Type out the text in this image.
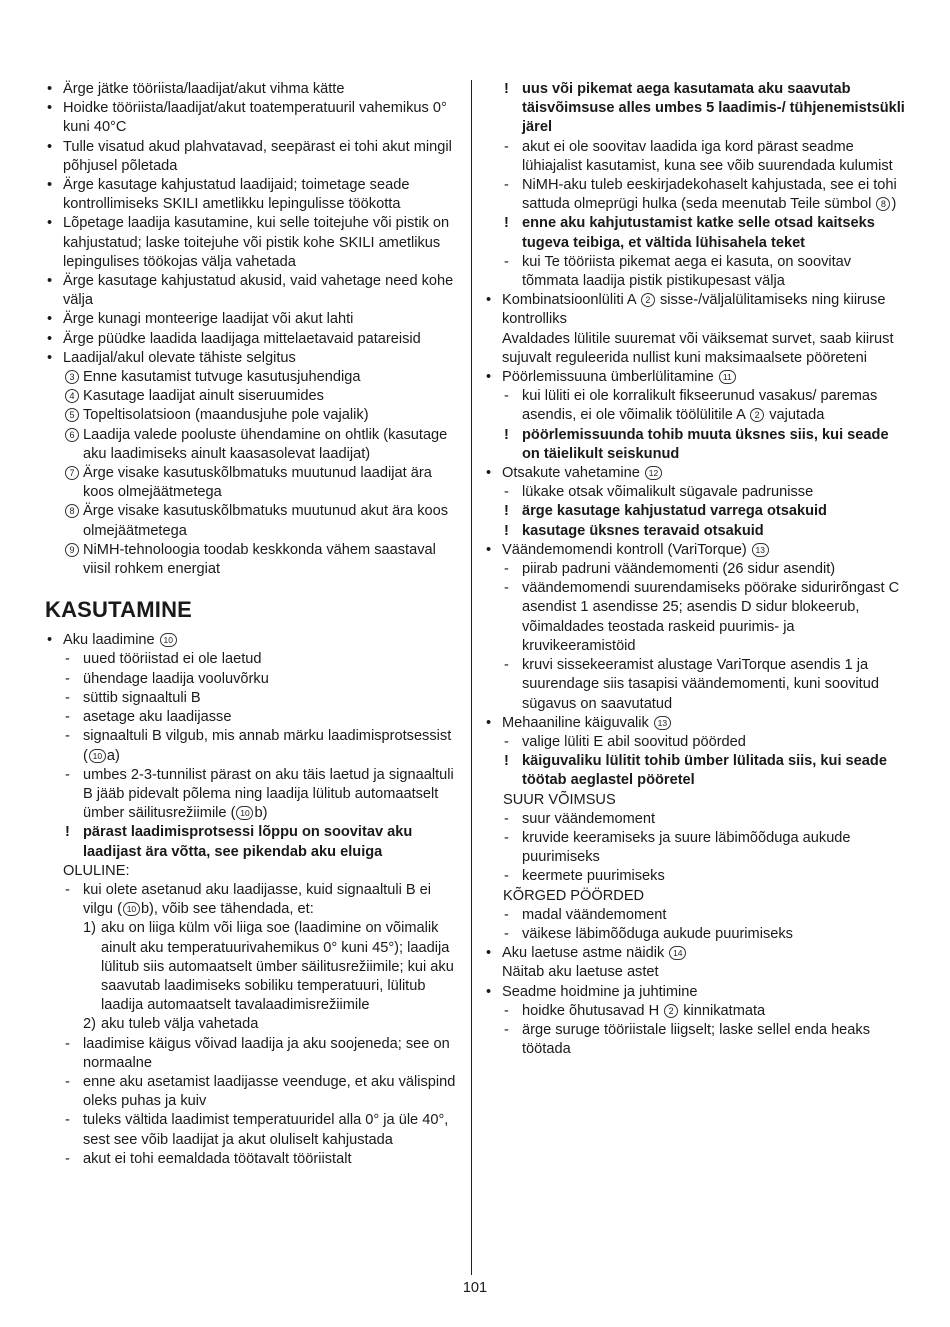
• Ärge jätke tööriista/laadijat/akut vihma kätte

• Hoidke tööriista/laadijat/akut toatemperatuuril vahemikus 0° kuni 40°C

• Tulle visatud akud plahvatavad, seepärast ei tohi akut mingil põhjusel põletada

• Ärge kasutage kahjustatud laadijaid; toimetage seade kontrollimiseks SKILI ametlikku lepingulisse töökotta

• Lõpetage laadija kasutamine, kui selle toitejuhe või pistik on kahjustatud; laske toitejuhe või pistik kohe SKILI ametlikus lepingulises töökojas välja vahetada

• Ärge kasutage kahjustatud akusid, vaid vahetage need kohe välja

• Ärge kunagi monteerige laadijat või akut lahti

• Ärge püüdke laadida laadijaga mittelaetavaid patareisid

• Laadijal/akul olevate tähiste selgitus

3 Enne kasutamist tutvuge kasutusjuhendiga

4 Kasutage laadijat ainult siseruumides

5 Topeltisolatsioon (maandusjuhe pole vajalik)

6 Laadija valede pooluste ühendamine on ohtlik (kasutage aku laadimiseks ainult kaasasolevat laadijat)

7 Ärge visake kasutuskõlbmatuks muutunud laadijat ära koos olmejäätmetega

8 Ärge visake kasutuskõlbmatuks muutunud akut ära koos olmejäätmetega

9 NiMH-tehnoloogia toodab keskkonda vähem saastaval viisil rohkem energiat

KASUTAMINE

• Aku laadimine 10

- uued tööriistad ei ole laetud

- ühendage laadija vooluvõrku

- süttib signaaltuli B

- asetage aku laadijasse

- signaaltuli B vilgub, mis annab märku laadimisprotsessist ( 10 a)

- umbes 2-3-tunnilist pärast on aku täis laetud ja signaaltuli B jääb pidevalt põlema ning laadija lülitub automaatselt ümber säilitusrežiimile ( 10 b)

! pärast laadimisprotsessi lõppu on soovitav aku laadijast ära võtta, see pikendab aku eluiga

OLULINE:

- kui olete asetanud aku laadijasse, kuid signaaltuli B ei vilgu ( 10 b), võib see tähendada, et:

1) aku on liiga külm või liiga soe (laadimine on võimalik ainult aku temperatuurivahemikus 0° kuni 45°); laadija lülitub siis automaatselt ümber säilitusrežiimile; kui aku saavutab laadimiseks sobiliku temperatuuri, lülitub laadija automaatselt tavalaadimisrežiimile

2) aku tuleb välja vahetada

- laadimise käigus võivad laadija ja aku soojeneda; see on normaalne

- enne aku asetamist laadijasse veenduge, et aku välispind oleks puhas ja kuiv

- tuleks vältida laadimist temperatuuridel alla 0° ja üle 40°, sest see võib laadijat ja akut oluliselt kahjustada

- akut ei tohi eemaldada töötavalt tööriistalt

! uus või pikemat aega kasutamata aku saavutab täisvõimsuse alles umbes 5 laadimis-/ tühjenemistsükli järel

- akut ei ole soovitav laadida iga kord pärast seadme lühiajalist kasutamist, kuna see võib suurendada kulumist

- NiMH-aku tuleb eeskirjadekohaselt kahjustada, see ei tohi sattuda olmeprügi hulka (seda meenutab Teile sümbol 8 )

! enne aku kahjutustamist katke selle otsad kaitseks tugeva teibiga, et vältida lühisahela teket

- kui Te tööriista pikemat aega ei kasuta, on soovitav tõmmata laadija pistik pistikupesast välja

• Kombinatsioonlüliti A 2 sisse-/väljalülitamiseks ning kiiruse kontrolliks

Avaldades lülitile suuremat või väiksemat survet, saab kiirust sujuvalt reguleerida nullist kuni maksimaalsete pööreteni

• Pöörlemissuuna ümberlülitamine 11

- kui lüliti ei ole korralikult fikseerunud vasakus/ paremas asendis, ei ole võimalik töölülitile A 2 vajutada

! pöörlemissuunda tohib muuta üksnes siis, kui seade on täielikult seiskunud

• Otsakute vahetamine 12

- lükake otsak võimalikult sügavale padrunisse

! ärge kasutage kahjustatud varrega otsakuid

! kasutage üksnes teravaid otsakuid

• Väändemomendi kontroll (VariTorque) 13

- piirab padruni väändemomenti (26 sidur asendit)

- väändemomendi suurendamiseks pöörake sidurirõngast C asendist 1 asendisse 25; asendis D sidur blokeerub, võimaldades teostada raskeid puurimis- ja kruvikeeramistöid

- kruvi sissekeeramist alustage VariTorque asendis 1 ja suurendage siis tasapisi väändemomenti, kuni soovitud sügavus on saavutatud

• Mehaaniline käiguvalik 13

- valige lüliti E abil soovitud pöörded

! käiguvaliku lülitit tohib ümber lülitada siis, kui seade töötab aeglastel pööretel

SUUR VÕIMSUS

- suur väändemoment

- kruvide keeramiseks ja suure läbimõõduga aukude puurimiseks

- keermete puurimiseks

KÕRGED PÖÖRDED

- madal väändemoment

- väikese läbimõõduga aukude puurimiseks

• Aku laetuse astme näidik 14

Näitab aku laetuse astet

• Seadme hoidmine ja juhtimine

- hoidke õhutusavad H 2 kinnikatmata

- ärge suruge tööriistale liigselt; laske sellel enda heaks töötada

101
